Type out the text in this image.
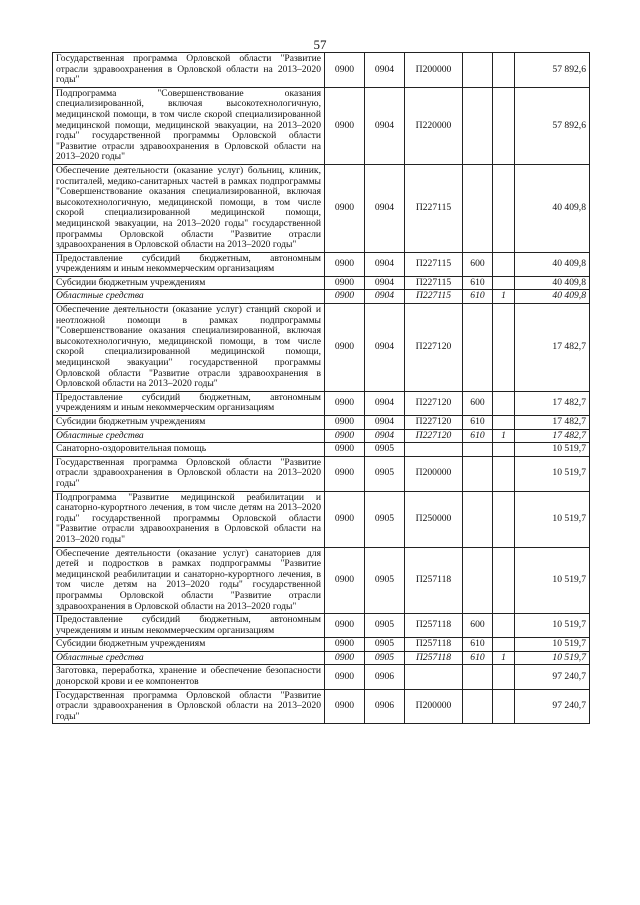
57
Государственная программа Орловской области "Развитие отрасли здравоохранения в Орловской области на 2013–2020 годы"	0900	0904	П200000			57 892,6
Подпрограмма "Совершенствование оказания специализированной, включая высокотехнологичную, медицинской помощи, в том числе скорой специализированной медицинской помощи, медицинской эвакуации, на 2013–2020 годы" государственной программы Орловской области "Развитие отрасли здравоохранения в Орловской области на 2013–2020 годы"	0900	0904	П220000			57 892,6
Обеспечение деятельности (оказание услуг) больниц, клиник, госпиталей, медико-санитарных частей в рамках подпрограммы "Совершенствование оказания специализированной, включая высокотехнологичную, медицинской помощи, в том числе скорой специализированной медицинской помощи, медицинской эвакуации, на 2013–2020 годы" государственной программы Орловской области "Развитие отрасли здравоохранения в Орловской области на 2013–2020 годы"	0900	0904	П227115			40 409,8
Предоставление субсидий бюджетным, автономным учреждениям и иным некоммерческим организациям	0900	0904	П227115	600		40 409,8
Субсидии бюджетным учреждениям	0900	0904	П227115	610		40 409,8
Областные средства	0900	0904	П227115	610	1	40 409,8
Обеспечение деятельности (оказание услуг) станций скорой и неотложной помощи в рамках подпрограммы "Совершенствование оказания специализированной, включая высокотехнологичную, медицинской помощи, в том числе скорой специализированной медицинской помощи, медицинской эвакуации" государственной программы Орловской области "Развитие отрасли здравоохранения в Орловской области на 2013–2020 годы"	0900	0904	П227120			17 482,7
Предоставление субсидий бюджетным, автономным учреждениям и иным некоммерческим организациям	0900	0904	П227120	600		17 482,7
Субсидии бюджетным учреждениям	0900	0904	П227120	610		17 482,7
Областные средства	0900	0904	П227120	610	1	17 482,7
Санаторно-оздоровительная помощь	0900	0905				10 519,7
Государственная программа Орловской области "Развитие отрасли здравоохранения в Орловской области на 2013–2020 годы"	0900	0905	П200000			10 519,7
Подпрограмма "Развитие медицинской реабилитации и санаторно-курортного лечения, в том числе детям на 2013–2020 годы" государственной программы Орловской области "Развитие отрасли здравоохранения в Орловской области на 2013–2020 годы"	0900	0905	П250000			10 519,7
Обеспечение деятельности (оказание услуг) санаториев для детей и подростков в рамках подпрограммы "Развитие медицинской реабилитации и санаторно-курортного лечения, в том числе детям на 2013–2020 годы" государственной программы Орловской области "Развитие отрасли здравоохранения в Орловской области на 2013–2020 годы"	0900	0905	П257118			10 519,7
Предоставление субсидий бюджетным, автономным учреждениям и иным некоммерческим организациям	0900	0905	П257118	600		10 519,7
Субсидии бюджетным учреждениям	0900	0905	П257118	610		10 519,7
Областные средства	0900	0905	П257118	610	1	10 519,7
Заготовка, переработка, хранение и обеспечение безопасности донорской крови и ее компонентов	0900	0906				97 240,7
Государственная программа Орловской области "Развитие отрасли здравоохранения в Орловской области на 2013–2020 годы"	0900	0906	П200000			97 240,7
